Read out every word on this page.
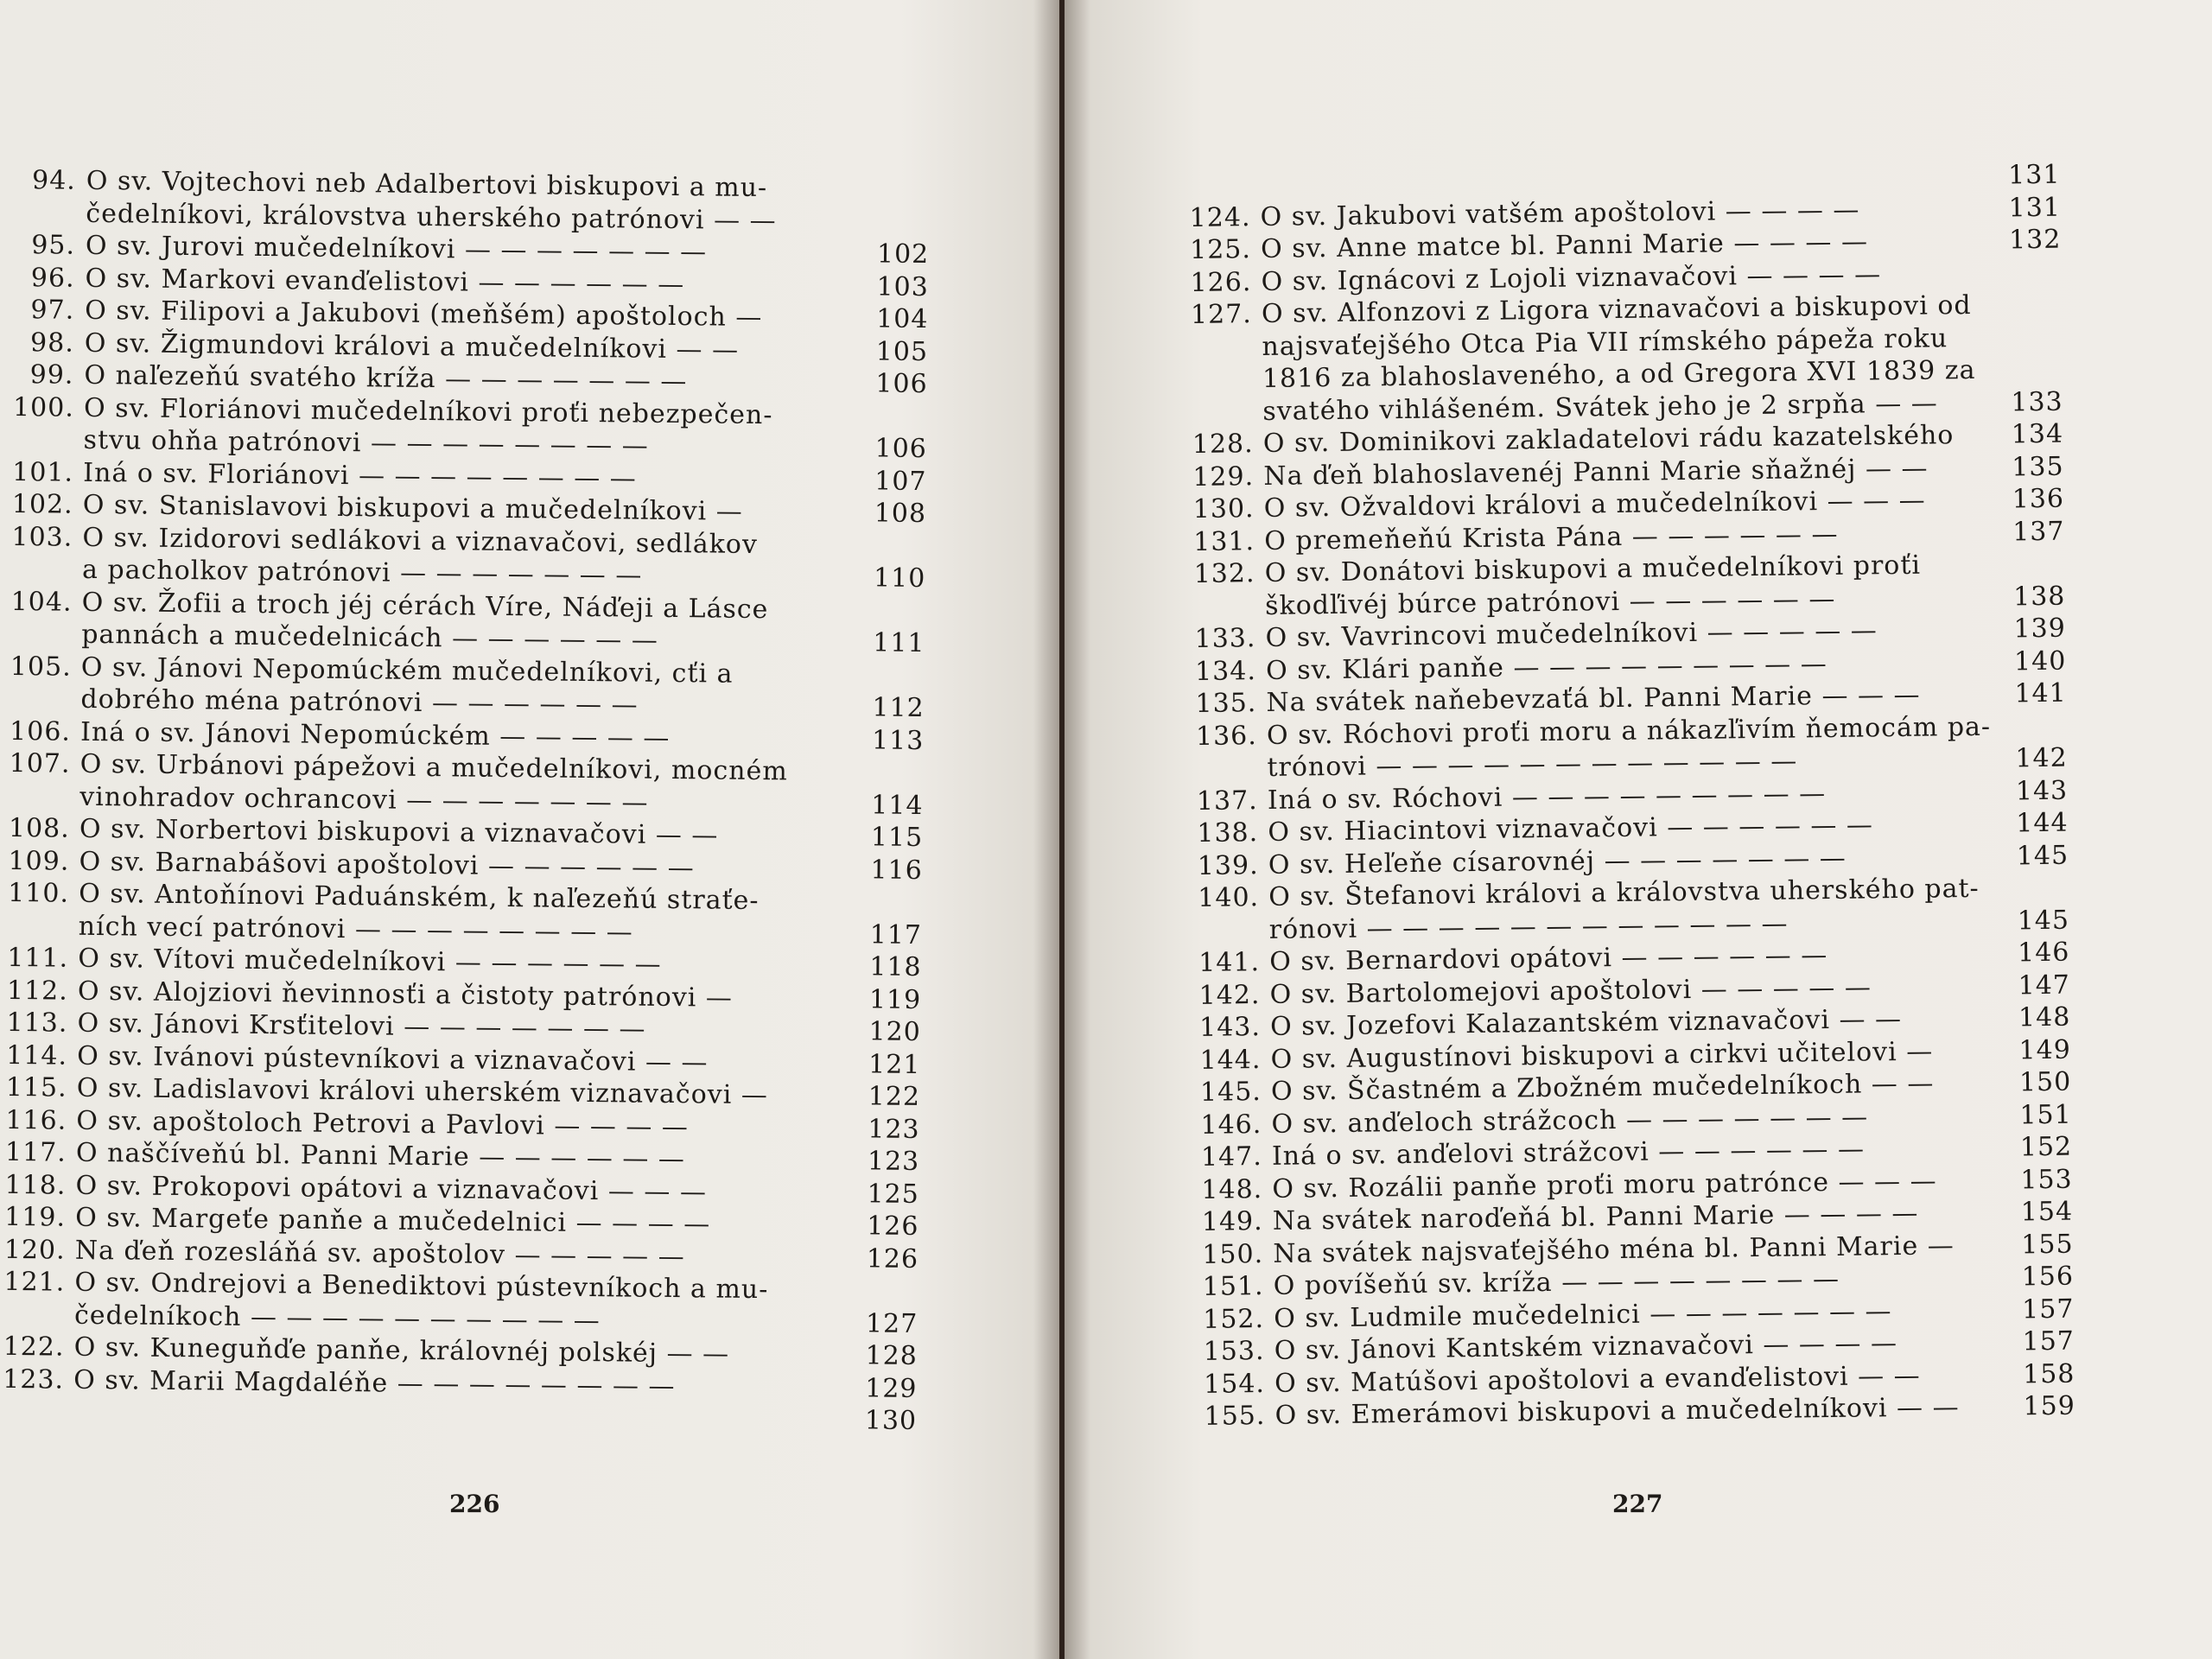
94. O sv. Vojtechovi neb Adalbertovi biskupovi a mu-
čedelníkovi, královstva uherského patrónovi — —
95. O sv. Jurovi mučedelníkovi — — — — — — —	102
96. O sv. Markovi evanďelistovi — — — — — —	103
97. O sv. Filipovi a Jakubovi (meňšém) apoštoloch —	104
98. O sv. Žigmundovi královi a mučedelníkovi — —	105
99. O naľezeňú svatého kríža — — — — — — —	106
100. O sv. Floriánovi mučedelníkovi proťi nebezpečen-
stvu ohňa patrónovi — — — — — — — —	106
101. Iná o sv. Floriánovi — — — — — — — —	107
102. O sv. Stanislavovi biskupovi a mučedelníkovi —	108
103. O sv. Izidorovi sedlákovi a viznavačovi, sedlákov
a pacholkov patrónovi — — — — — — —	110
104. O sv. Žofii a troch jéj cérách Víre, Náďeji a Lásce
pannách a mučedelnicách — — — — — —	111
105. O sv. Jánovi Nepomúckém mučedelníkovi, cťi a
dobrého ména patrónovi — — — — — —	112
106. Iná o sv. Jánovi Nepomúckém — — — — —	113
107. O sv. Urbánovi pápežovi a mučedelníkovi, mocném
vinohradov ochrancovi — — — — — — —	114
108. O sv. Norbertovi biskupovi a viznavačovi — —	115
109. O sv. Barnabášovi apoštolovi — — — — — —	116
110. O sv. Antoňínovi Paduánském, k naľezeňú straťe-
ních vecí patrónovi — — — — — — — —	117
111. O sv. Vítovi mučedelníkovi — — — — — —	118
112. O sv. Alojziovi ňevinnosťi a čistoty patrónovi —	119
113. O sv. Jánovi Krsťitelovi — — — — — — —	120
114. O sv. Ivánovi pústevníkovi a viznavačovi — —	121
115. O sv. Ladislavovi královi uherském viznavačovi —	122
116. O sv. apoštoloch Petrovi a Pavlovi — — — —	123
117. O naščíveňú bl. Panni Marie — — — — — —	123
118. O sv. Prokopovi opátovi a viznavačovi — — —	125
119. O sv. Margeťe panňe a mučedelnici — — — —	126
120. Na ďeň rozesláňá sv. apoštolov — — — — —	126
121. O sv. Ondrejovi a Benediktovi pústevníkoch a mu-
čedelníkoch — — — — — — — — — —	127
122. O sv. Kuneguňďe panňe, královnéj polskéj — —	128
123. O sv. Marii Magdaléňe — — — — — — — —	129
130
226	227
131
124. O sv. Jakubovi vatšém apoštolovi — — — —	131
125. O sv. Anne matce bl. Panni Marie — — — —	132
126. O sv. Ignácovi z Lojoli viznavačovi — — — —
127. O sv. Alfonzovi z Ligora viznavačovi a biskupovi od
najsvaťejšého Otca Pia VII rímského pápeža roku
1816 za blahoslaveného, a od Gregora XVI 1839 za
svatého vihlášeném. Svátek jeho je 2 srpňa — —	133
128. O sv. Dominikovi zakladatelovi rádu kazatelského	134
129. Na ďeň blahoslavenéj Panni Marie sňažnéj — —	135
130. O sv. Ožvaldovi královi a mučedelníkovi — — —	136
131. O premeňeňú Krista Pána — — — — — —	137
132. O sv. Donátovi biskupovi a mučedelníkovi proťi
škodľivéj búrce patrónovi — — — — — —	138
133. O sv. Vavrincovi mučedelníkovi — — — — —	139
134. O sv. Klári panňe — — — — — — — — —	140
135. Na svátek naňebevzaťá bl. Panni Marie — — —	141
136. O sv. Róchovi proťi moru a nákazľivím ňemocám pa-
trónovi — — — — — — — — — — — —	142
137. Iná o sv. Róchovi — — — — — — — — —	143
138. O sv. Hiacintovi viznavačovi — — — — — —	144
139. O sv. Heľeňe císarovnéj — — — — — — —	145
140. O sv. Štefanovi královi a královstva uherského pat-
rónovi — — — — — — — — — — — —	145
141. O sv. Bernardovi opátovi — — — — — —	146
142. O sv. Bartolomejovi apoštolovi — — — — —	147
143. O sv. Jozefovi Kalazantském viznavačovi — —	148
144. O sv. Augustínovi biskupovi a cirkvi učitelovi —	149
145. O sv. Ščastném a Zbožném mučedelníkoch — —	150
146. O sv. anďeloch strážcoch — — — — — — —	151
147. Iná o sv. anďelovi strážcovi — — — — — —	152
148. O sv. Rozálii panňe proťi moru patrónce — — —	153
149. Na svátek naroďeňá bl. Panni Marie — — — —	154
150. Na svátek najsvaťejšého ména bl. Panni Marie —	155
151. O povíšeňú sv. kríža — — — — — — — —	156
152. O sv. Ludmile mučedelnici — — — — — — —	157
153. O sv. Jánovi Kantském viznavačovi — — — —	157
154. O sv. Matúšovi apoštolovi a evanďelistovi — —	158
155. O sv. Emerámovi biskupovi a mučedelníkovi — —	159
